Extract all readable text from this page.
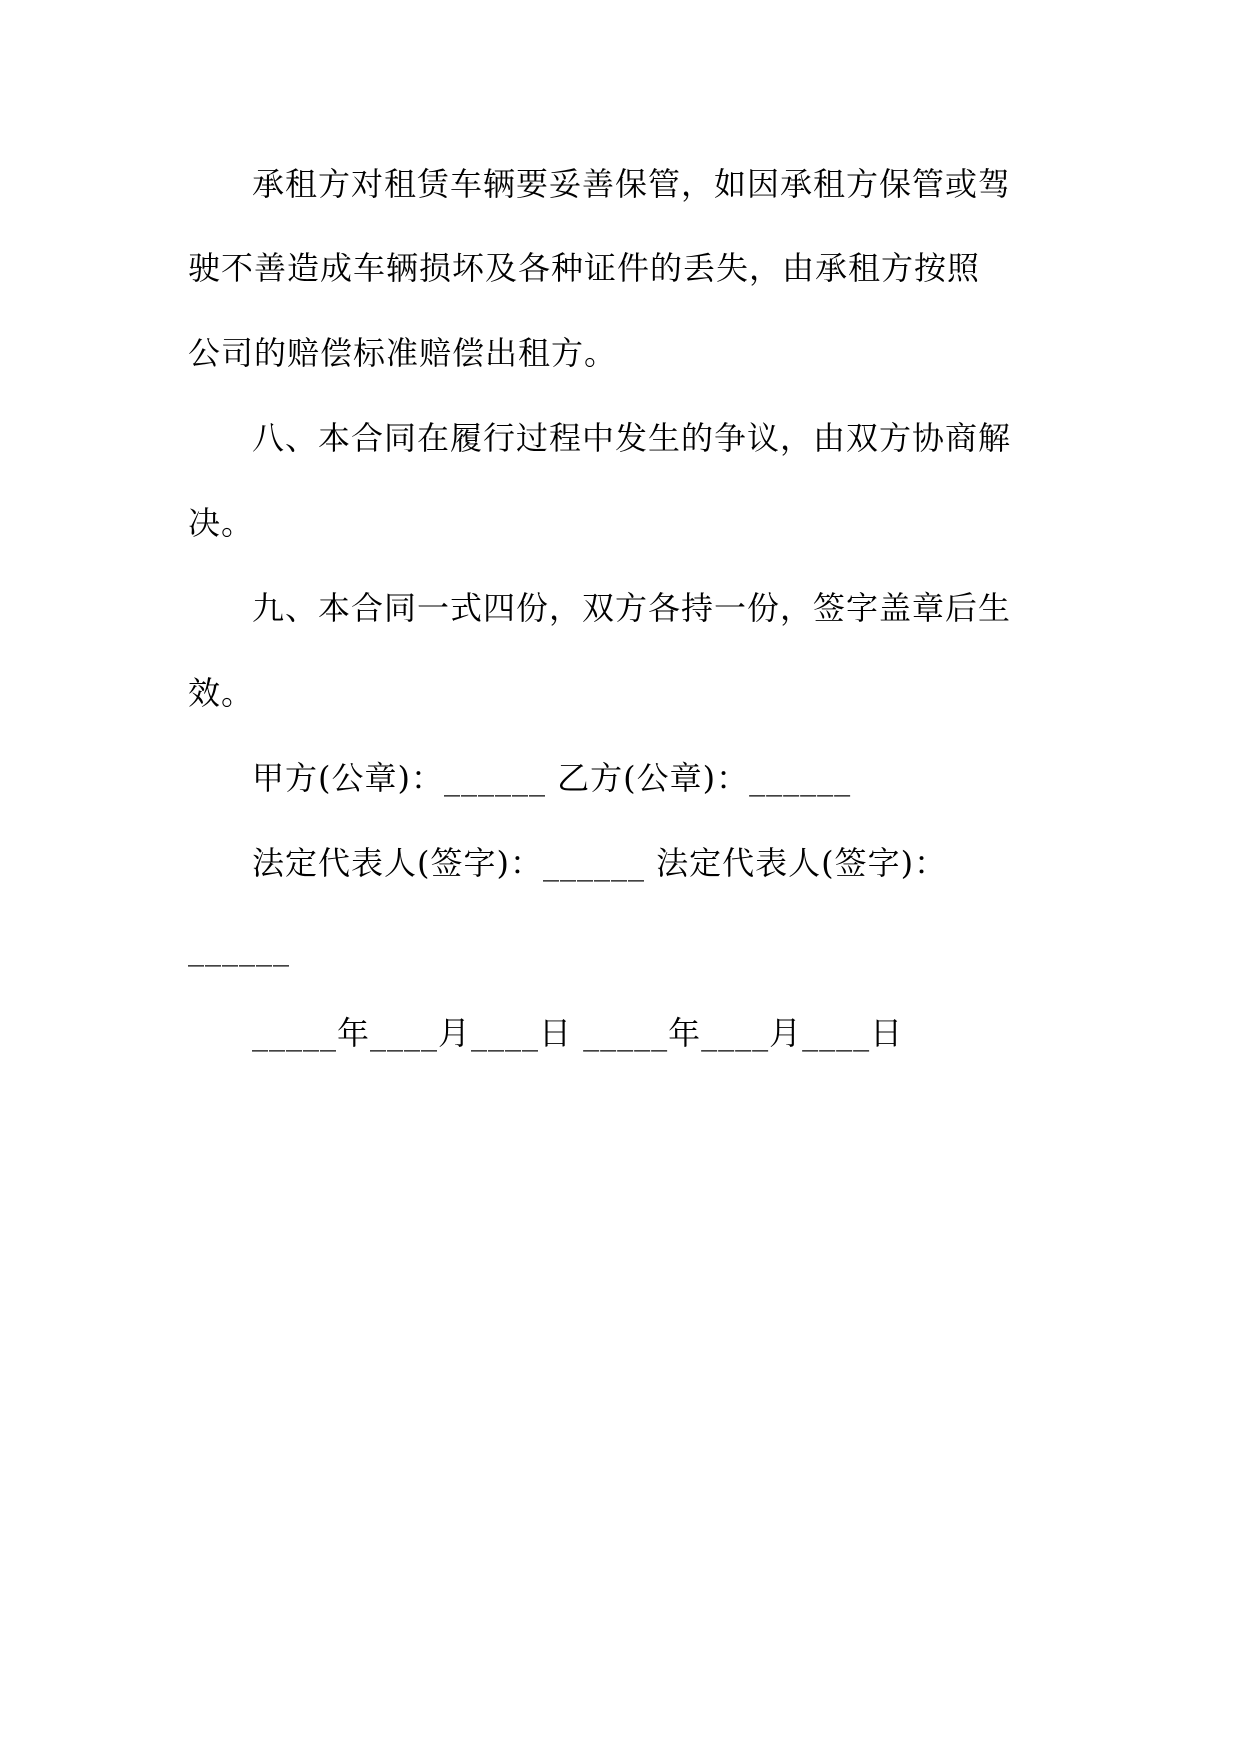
承租方对租赁车辆要妥善保管，如因承租方保管或驾
驶不善造成车辆损坏及各种证件的丢失，由承租方按照
公司的赔偿标准赔偿出租方。
八、本合同在履行过程中发生的争议，由双方协商解
决。
九、本合同一式四份，双方各持一份，签字盖章后生
效。
甲方(公章)：______ 乙方(公章)：______
法定代表人(签字)：______ 法定代表人(签字)：
______
_____年____月____日 _____年____月____日
